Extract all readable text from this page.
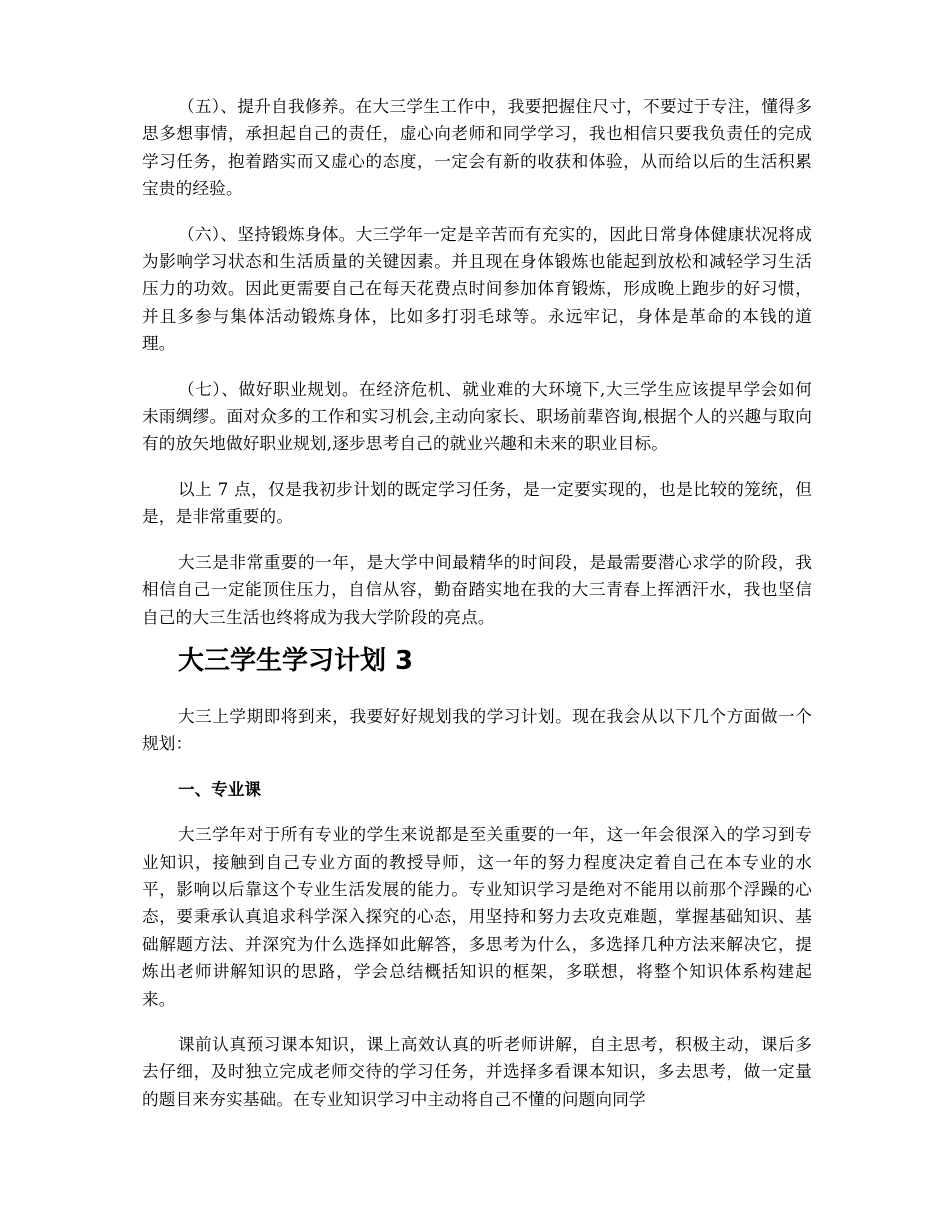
（五）、提升自我修养。在大三学生工作中，我要把握住尺寸，不要过于专注，懂得多思多想事情，承担起自己的责任，虚心向老师和同学学习，我也相信只要我负责任的完成学习任务，抱着踏实而又虚心的态度，一定会有新的收获和体验，从而给以后的生活积累宝贵的经验。

（六）、坚持锻炼身体。大三学年一定是辛苦而有充实的，因此日常身体健康状况将成为影响学习状态和生活质量的关键因素。并且现在身体锻炼也能起到放松和减轻学习生活压力的功效。因此更需要自己在每天花费点时间参加体育锻炼，形成晚上跑步的好习惯，并且多参与集体活动锻炼身体，比如多打羽毛球等。永远牢记，身体是革命的本钱的道理。

（七）、做好职业规划。在经济危机、就业难的大环境下,大三学生应该提早学会如何未雨绸缪。面对众多的工作和实习机会,主动向家长、职场前辈咨询,根据个人的兴趣与取向有的放矢地做好职业规划,逐步思考自己的就业兴趣和未来的职业目标。

以上 7 点，仅是我初步计划的既定学习任务，是一定要实现的，也是比较的笼统，但是，是非常重要的。

大三是非常重要的一年，是大学中间最精华的时间段，是最需要潜心求学的阶段，我相信自己一定能顶住压力，自信从容，勤奋踏实地在我的大三青春上挥洒汗水，我也坚信自己的大三生活也终将成为我大学阶段的亮点。

大三学生学习计划 3

大三上学期即将到来，我要好好规划我的学习计划。现在我会从以下几个方面做一个规划：

一、专业课

大三学年对于所有专业的学生来说都是至关重要的一年，这一年会很深入的学习到专业知识，接触到自己专业方面的教授导师，这一年的努力程度决定着自己在本专业的水平，影响以后靠这个专业生活发展的能力。专业知识学习是绝对不能用以前那个浮躁的心态，要秉承认真追求科学深入探究的心态，用坚持和努力去攻克难题，掌握基础知识、基础解题方法、并深究为什么选择如此解答，多思考为什么，多选择几种方法来解决它，提炼出老师讲解知识的思路，学会总结概括知识的框架，多联想，将整个知识体系构建起来。

课前认真预习课本知识，课上高效认真的听老师讲解，自主思考，积极主动，课后多去仔细，及时独立完成老师交待的学习任务，并选择多看课本知识，多去思考，做一定量的题目来夯实基础。在专业知识学习中主动将自己不懂的问题向同学
